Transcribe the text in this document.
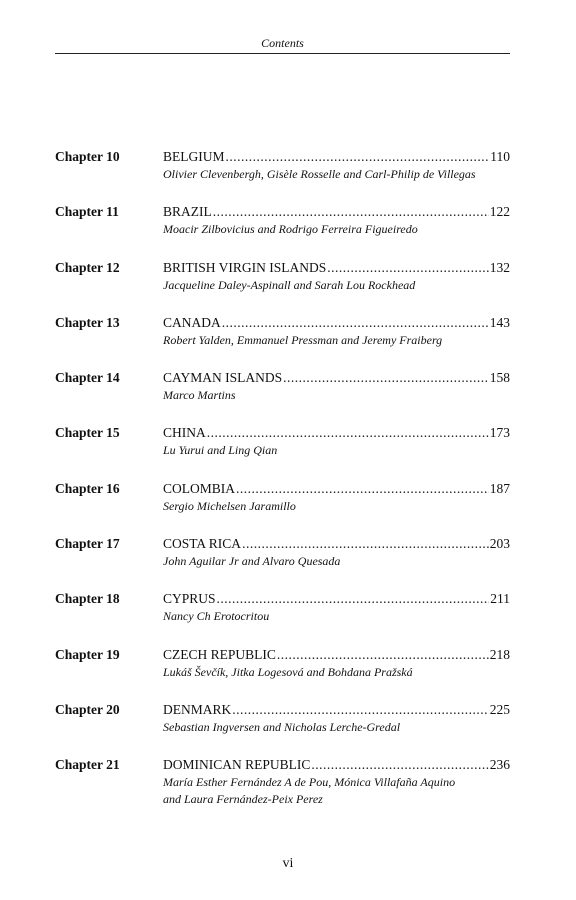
Contents
Chapter 10	BELGIUM .....	110
Olivier Clevenbergh, Gisèle Rosselle and Carl-Philip de Villegas
Chapter 11	BRAZIL .....	122
Moacir Zilbovicius and Rodrigo Ferreira Figueiredo
Chapter 12	BRITISH VIRGIN ISLANDS .....	132
Jacqueline Daley-Aspinall and Sarah Lou Rockhead
Chapter 13	CANADA .....	143
Robert Yalden, Emmanuel Pressman and Jeremy Fraiberg
Chapter 14	CAYMAN ISLANDS .....	158
Marco Martins
Chapter 15	CHINA .....	173
Lu Yurui and Ling Qian
Chapter 16	COLOMBIA .....	187
Sergio Michelsen Jaramillo
Chapter 17	COSTA RICA .....	203
John Aguilar Jr and Alvaro Quesada
Chapter 18	CYPRUS .....	211
Nancy Ch Erotocritou
Chapter 19	CZECH REPUBLIC .....	218
Lukáš Ševčík, Jitka Logesová and Bohdana Pražská
Chapter 20	DENMARK .....	225
Sebastian Ingversen and Nicholas Lerche-Gredal
Chapter 21	DOMINICAN REPUBLIC .....	236
María Esther Fernández A de Pou, Mónica Villafaña Aquino
and Laura Fernández-Peix Perez
vi
